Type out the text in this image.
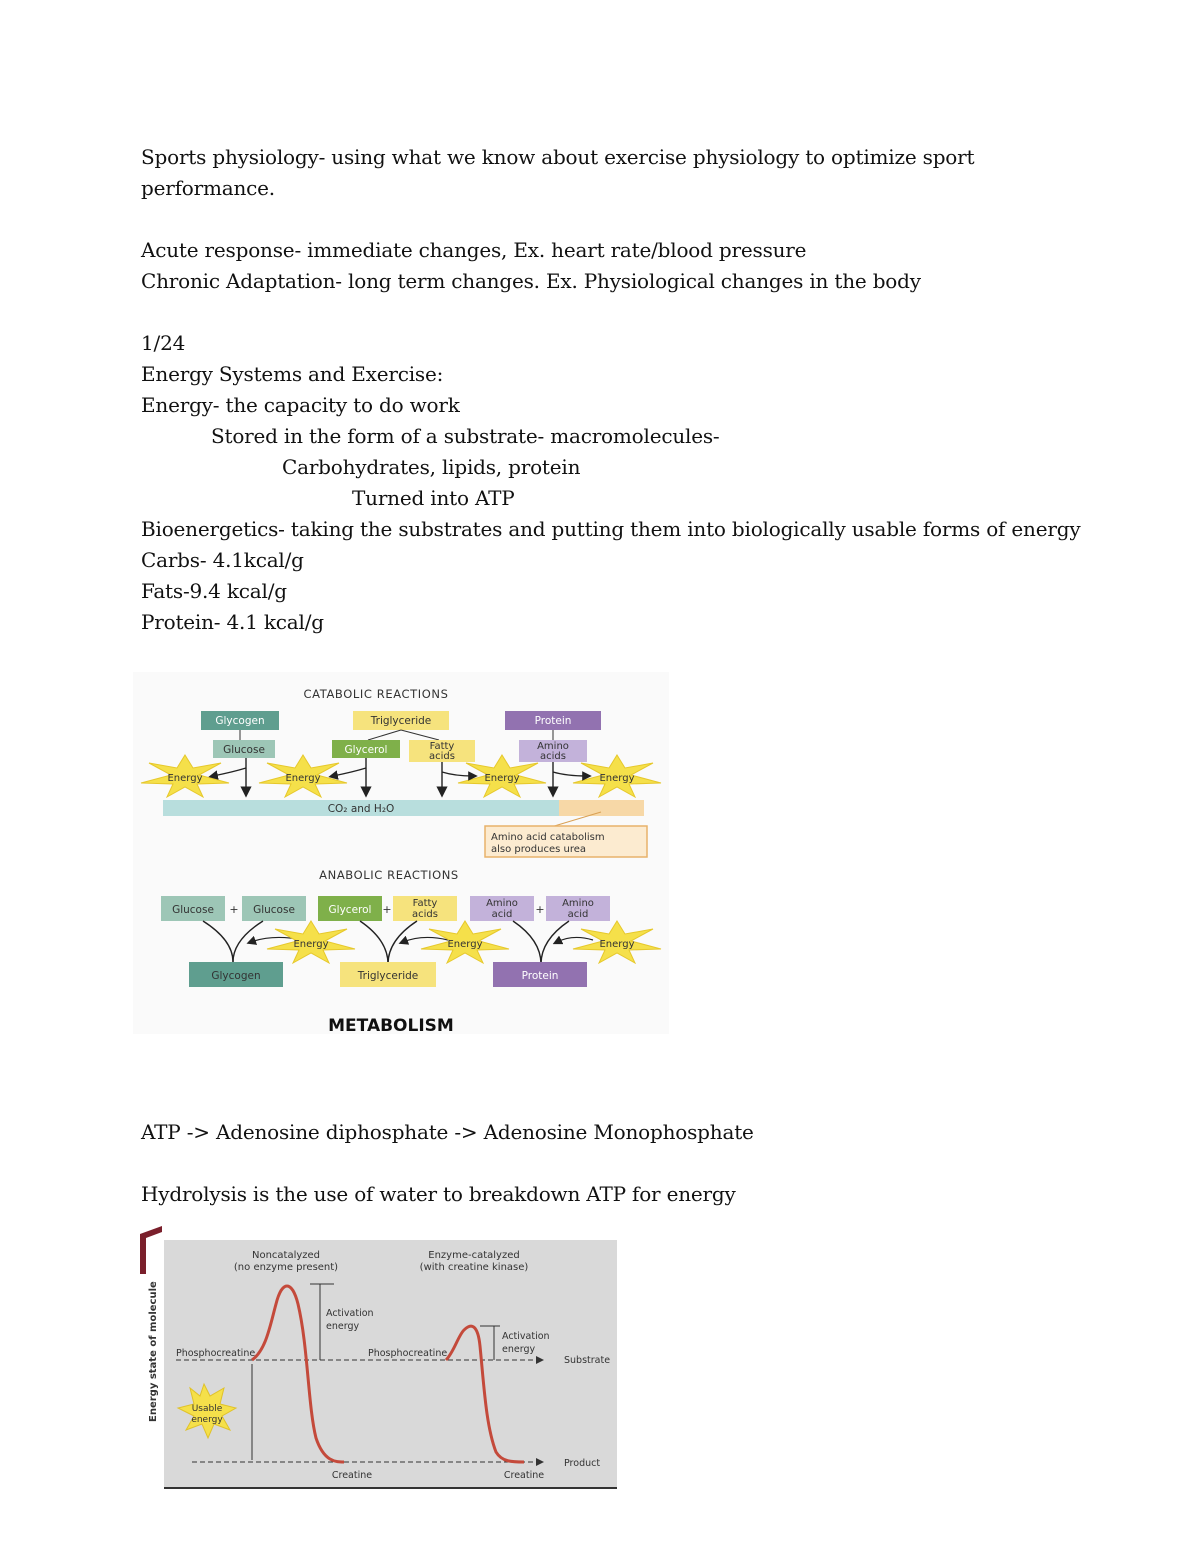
Sports physiology- using what we know about exercise physiology to optimize sport
performance.
Acute response- immediate changes, Ex. heart rate/blood pressure
Chronic Adaptation- long term changes. Ex. Physiological changes in the body
1/24
Energy Systems and Exercise:
Energy- the capacity to do work
Stored in the form of a substrate- macromolecules-
Carbohydrates, lipids, protein
Turned into ATP
Bioenergetics- taking the substrates and putting them into biologically usable forms of energy
Carbs- 4.1kcal/g
Fats-9.4 kcal/g
Protein- 4.1 kcal/g
ATP -> Adenosine diphosphate -> Adenosine Monophosphate
Hydrolysis is the use of water to breakdown ATP for energy
CATABOLIC REACTIONS
Glycogen	Triglyceride	Protein
Glucose	Glycerol	Fatty
acids
Amino
acids
Energy	Energy	Energy	Energy
CO₂ and H₂O
Amino acid catabolism
also produces urea
ANABOLIC REACTIONS
Glucose + Glucose	Glycerol + Fatty
acids
Amino
acid + Amino
acid
Energy	Energy	Energy
Glycogen	Triglyceride	Protein
METABOLISM
Noncatalyzed
(no enzyme present)
Enzyme-catalyzed
(with creatine kinase)
Energy state of molecule	Substrate
Product
Phosphocreatine	Phosphocreatine
Activation
energy
Activation
energy
Usable
energy
Creatine	Creatine
